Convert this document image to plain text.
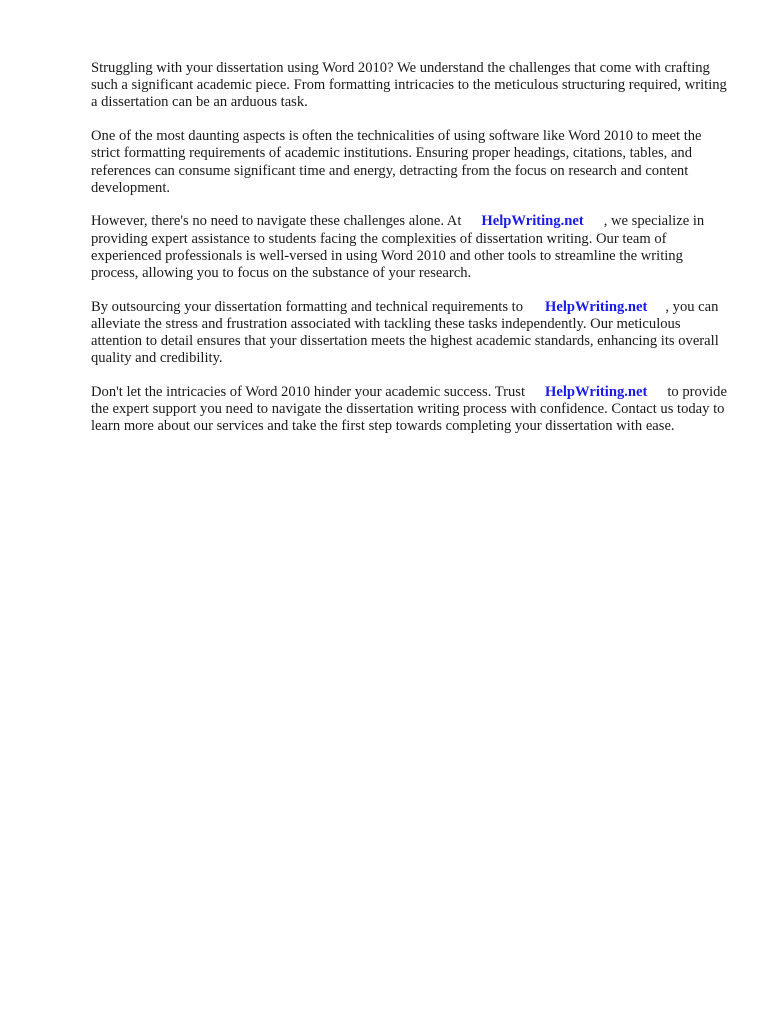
Struggling with your dissertation using Word 2010? We understand the challenges that come with crafting such a significant academic piece. From formatting intricacies to the meticulous structuring required, writing a dissertation can be an arduous task.

One of the most daunting aspects is often the technicalities of using software like Word 2010 to meet the strict formatting requirements of academic institutions. Ensuring proper headings, citations, tables, and references can consume significant time and energy, detracting from the focus on research and content development.

However, there's no need to navigate these challenges alone. At HelpWriting.net , we specialize in providing expert assistance to students facing the complexities of dissertation writing. Our team of experienced professionals is well-versed in using Word 2010 and other tools to streamline the writing process, allowing you to focus on the substance of your research.

By outsourcing your dissertation formatting and technical requirements to HelpWriting.net , you can alleviate the stress and frustration associated with tackling these tasks independently. Our meticulous attention to detail ensures that your dissertation meets the highest academic standards, enhancing its overall quality and credibility.

Don't let the intricacies of Word 2010 hinder your academic success. Trust HelpWriting.net to provide the expert support you need to navigate the dissertation writing process with confidence. Contact us today to learn more about our services and take the first step towards completing your dissertation with ease.
